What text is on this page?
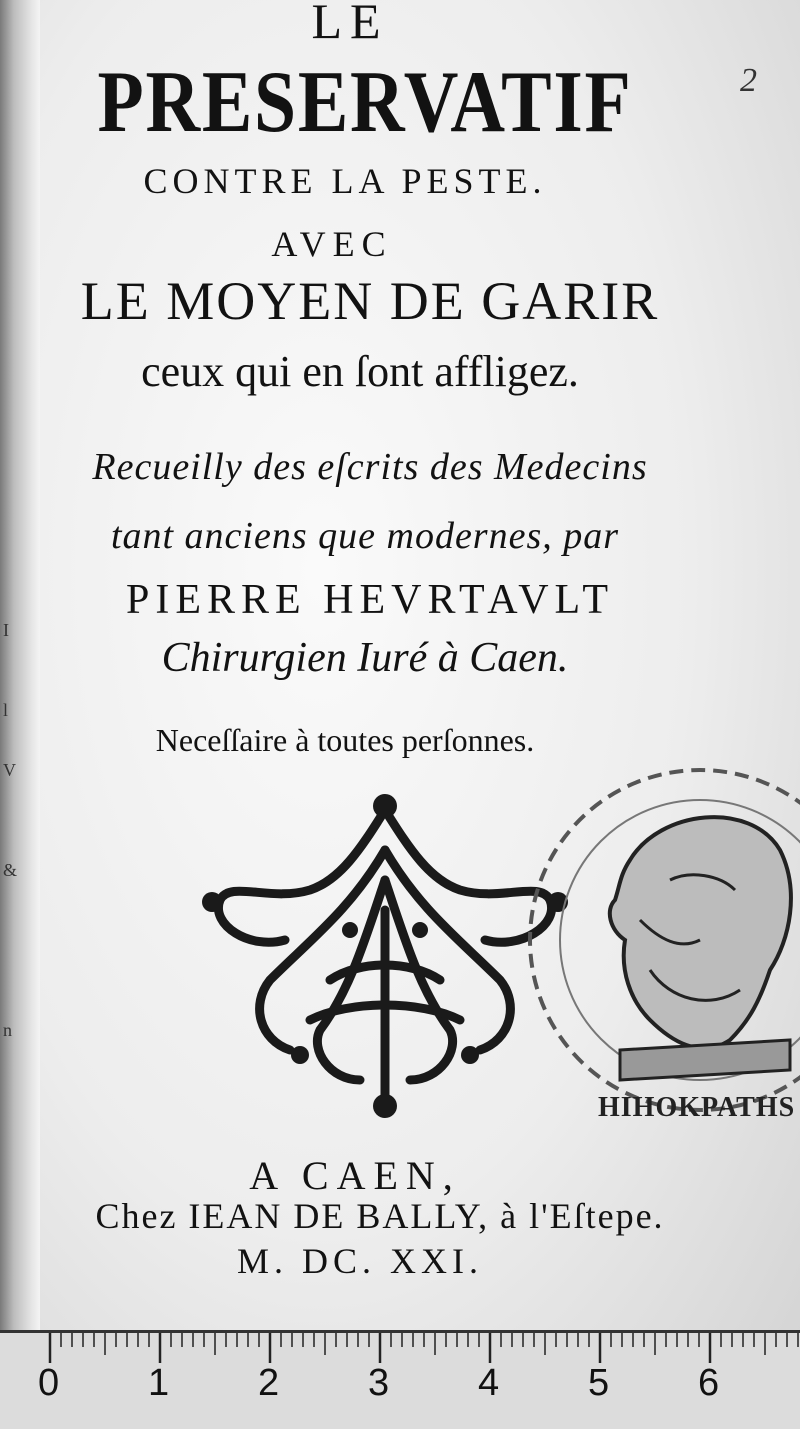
I
l
V
&
n
LE
PRESERVATIF
CONTRE LA PESTE.
AVEC
LE MOYEN DE GARIR
ceux qui en ſont affligez.
Recueilly des eſcrits des Medecins
tant anciens que modernes, par
PIERRE HEVRTAVLT
Chirurgien Iuré à Caen.
Neceſſaire à toutes perſonnes.
2
HIHOKPATHS
A CAEN,
Chez IEAN DE BALLY, à l'Eſtepe.
M. DC. XXI.
0 1 2 3 4 5 6
